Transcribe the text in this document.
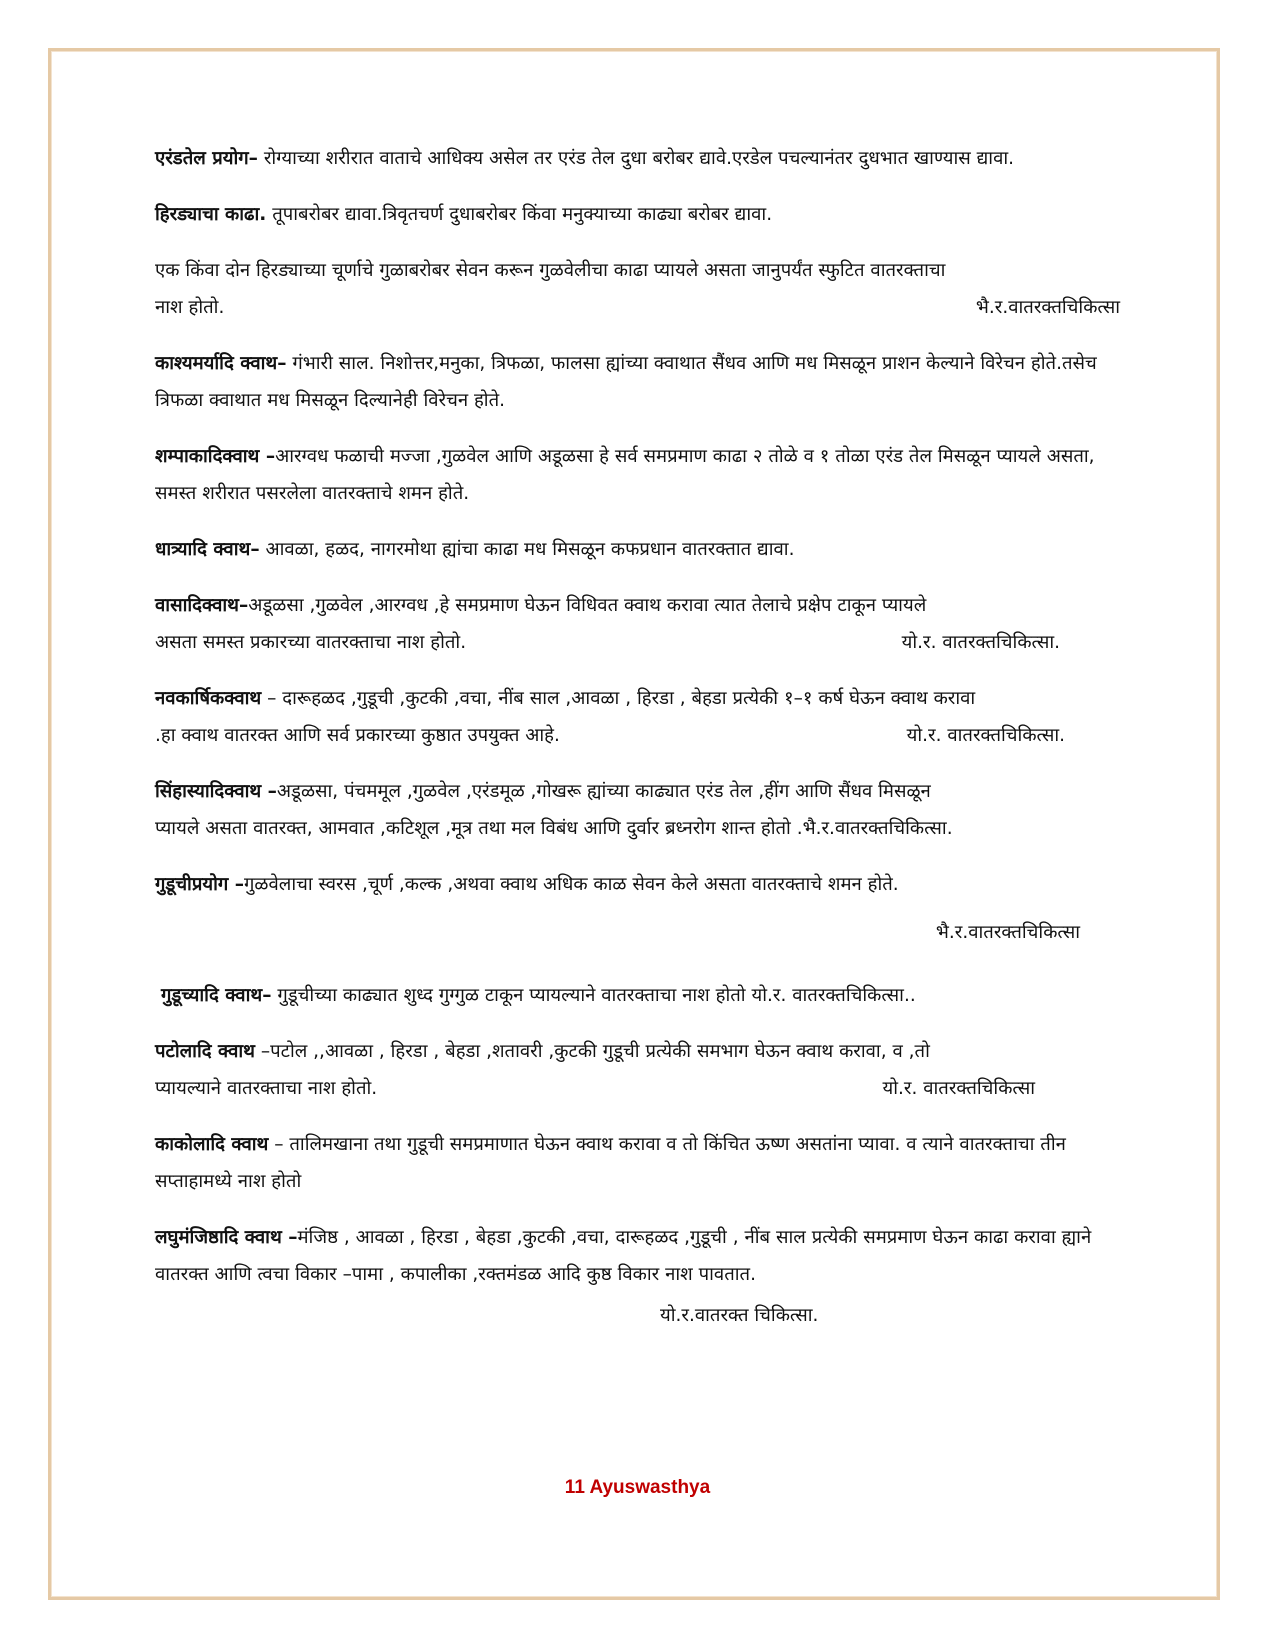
एरंडतेल प्रयोग– रोग्याच्या शरीरात वाताचे आधिक्य असेल तर एरंड तेल दुधा बरोबर द्यावे.एरडेल पचल्यानंतर दुधभात खाण्यास द्यावा.

हिरड्याचा काढा. तूपाबरोबर द्यावा.त्रिवृतचर्ण दुधाबरोबर किंवा मनुक्याच्या काढ्या बरोबर द्यावा.

एक किंवा दोन हिरड्याच्या चूर्णाचे गुळाबरोबर सेवन करून गुळवेलीचा काढा प्यायले असता जानुपर्यंत स्फुटित वातरक्ताचा
नाश होतो.	भै.र.वातरक्तचिकित्सा

काश्यमर्यादि क्वाथ– गंभारी साल. निशोत्तर,मनुका, त्रिफळा, फालसा ह्यांच्या क्वाथात सैंधव आणि मध मिसळून प्राशन केल्याने विरेचन होते.तसेच त्रिफळा क्वाथात मध मिसळून दिल्यानेही विरेचन होते.

शम्पाकादिक्वाथ –आरग्वध फळाची मज्जा ,गुळवेल आणि अडूळसा हे सर्व समप्रमाण काढा २ तोळे व १ तोळा एरंड तेल मिसळून प्यायले असता, समस्त शरीरात पसरलेला वातरक्ताचे शमन होते.

धात्र्यादि क्वाथ– आवळा, हळद, नागरमोथा ह्यांचा काढा मध मिसळून कफप्रधान वातरक्तात द्यावा.

वासादिक्वाथ–अडूळसा ,गुळवेल ,आरग्वध ,हे समप्रमाण घेऊन विधिवत क्वाथ करावा त्यात तेलाचे प्रक्षेप टाकून प्यायले
असता समस्त प्रकारच्या वातरक्ताचा नाश होतो.	यो.र. वातरक्तचिकित्सा.
नवकार्षिकक्वाथ – दारूहळद ,गुडूची ,कुटकी ,वचा, नींब साल ,आवळा , हिरडा , बेहडा प्रत्येकी १–१ कर्ष घेऊन क्वाथ करावा
.हा क्वाथ वातरक्त आणि सर्व प्रकारच्या कुष्ठात उपयुक्त आहे.	यो.र. वातरक्तचिकित्सा.
सिंहास्यादिक्वाथ –अडूळसा, पंचममूल ,गुळवेल ,एरंडमूळ ,गोखरू ह्यांच्या काढ्यात एरंड तेल ,हींग आणि सैंधव मिसळून
प्यायले असता वातरक्त, आमवात ,कटिशूल ,मूत्र तथा मल विबंध आणि दुर्वार ब्रध्नरोग शान्त होतो .भै.र.वातरक्तचिकित्सा.

गुडूचीप्रयोग –गुळवेलाचा स्वरस ,चूर्ण ,कल्क ,अथवा क्वाथ अधिक काळ सेवन केले असता वातरक्ताचे शमन होते.

भै.र.वातरक्तचिकित्सा

गुडूच्यादि क्वाथ– गुडूचीच्या काढ्यात शुध्द गुग्गुळ टाकून प्यायल्याने वातरक्ताचा नाश होतो यो.र. वातरक्तचिकित्सा..

पटोलादि क्वाथ –पटोल ,,आवळा , हिरडा , बेहडा ,शतावरी ,कुटकी गुडूची प्रत्येकी समभाग घेऊन क्वाथ करावा, व ,तो
प्यायल्याने वातरक्ताचा नाश होतो.	यो.र. वातरक्तचिकित्सा

काकोलादि क्वाथ – तालिमखाना तथा गुडूची समप्रमाणात घेऊन क्वाथ करावा व तो किंचित ऊष्ण असतांना प्यावा. व त्याने वातरक्ताचा तीन सप्ताहामध्ये नाश होतो

लघुमंजिष्ठादि क्वाथ –मंजिष्ठ , आवळा , हिरडा , बेहडा ,कुटकी ,वचा, दारूहळद ,गुडूची , नींब साल प्रत्येकी समप्रमाण घेऊन काढा करावा ह्याने वातरक्त आणि त्वचा विकार –पामा , कपालीका ,रक्तमंडळ आदि कुष्ठ विकार नाश पावतात.

यो.र.वातरक्त चिकित्सा.
11 Ayuswasthya
